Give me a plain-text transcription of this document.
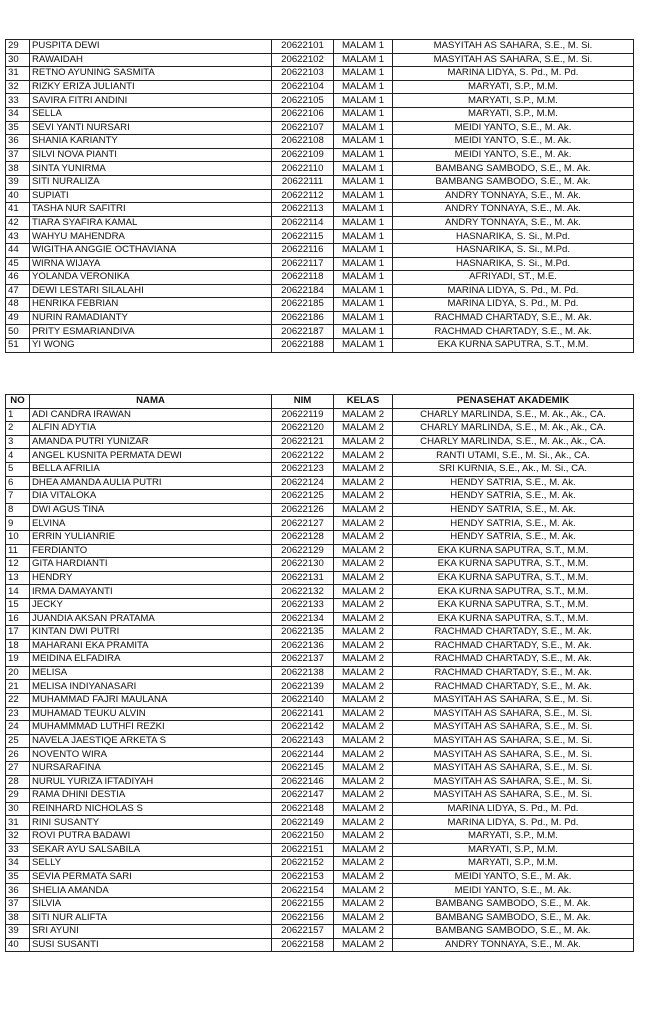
29	PUSPITA DEWI	20622101	MALAM 1	MASYITAH AS SAHARA, S.E., M. Si.
30	RAWAIDAH	20622102	MALAM 1	MASYITAH AS SAHARA, S.E., M. Si.
31	RETNO AYUNING SASMITA	20622103	MALAM 1	MARINA LIDYA, S. Pd., M. Pd.
32	RIZKY ERIZA JULIANTI	20622104	MALAM 1	MARYATI, S.P., M.M.
33	SAVIRA FITRI ANDINI	20622105	MALAM 1	MARYATI, S.P., M.M.
34	SELLA	20622106	MALAM 1	MARYATI, S.P., M.M.
35	SEVI YANTI NURSARI	20622107	MALAM 1	MEIDI YANTO, S.E., M. Ak.
36	SHANIA KARIANTY	20622108	MALAM 1	MEIDI YANTO, S.E., M. Ak.
37	SILVI NOVA PIANTI	20622109	MALAM 1	MEIDI YANTO, S.E., M. Ak.
38	SINTA YUNIRMA	20622110	MALAM 1	BAMBANG SAMBODO, S.E., M. Ak.
39	SITI NURALIZA	20622111	MALAM 1	BAMBANG SAMBODO, S.E., M. Ak.
40	SUPIATI	20622112	MALAM 1	ANDRY TONNAYA, S.E., M. Ak.
41	TASHA NUR SAFITRI	20622113	MALAM 1	ANDRY TONNAYA, S.E., M. Ak.
42	TIARA SYAFIRA KAMAL	20622114	MALAM 1	ANDRY TONNAYA, S.E., M. Ak.
43	WAHYU MAHENDRA	20622115	MALAM 1	HASNARIKA, S. Si., M.Pd.
44	WIGITHA ANGGIE OCTHAVIANA	20622116	MALAM 1	HASNARIKA, S. Si., M.Pd.
45	WIRNA WIJAYA	20622117	MALAM 1	HASNARIKA, S. Si., M.Pd.
46	YOLANDA VERONIKA	20622118	MALAM 1	AFRIYADI, ST., M.E.
47	DEWI LESTARI SILALAHI	20622184	MALAM 1	MARINA LIDYA, S. Pd., M. Pd.
48	HENRIKA FEBRIAN	20622185	MALAM 1	MARINA LIDYA, S. Pd., M. Pd.
49	NURIN RAMADIANTY	20622186	MALAM 1	RACHMAD CHARTADY, S.E., M. Ak.
50	PRITY ESMARIANDIVA	20622187	MALAM 1	RACHMAD CHARTADY, S.E., M. Ak.
51	YI WONG	20622188	MALAM 1	EKA KURNA SAPUTRA, S.T., M.M.
NO	NAMA	NIM	KELAS	PENASEHAT AKADEMIK
1	ADI CANDRA IRAWAN	20622119	MALAM 2	CHARLY MARLINDA, S.E., M. Ak., Ak., CA.
2	ALFIN ADYTIA	20622120	MALAM 2	CHARLY MARLINDA, S.E., M. Ak., Ak., CA.
3	AMANDA PUTRI YUNIZAR	20622121	MALAM 2	CHARLY MARLINDA, S.E., M. Ak., Ak., CA.
4	ANGEL KUSNITA PERMATA DEWI	20622122	MALAM 2	RANTI UTAMI, S.E., M. Si., Ak., CA.
5	BELLA AFRILIA	20622123	MALAM 2	SRI KURNIA, S.E., Ak., M. Si., CA.
6	DHEA AMANDA AULIA PUTRI	20622124	MALAM 2	HENDY SATRIA, S.E., M. Ak.
7	DIA VITALOKA	20622125	MALAM 2	HENDY SATRIA, S.E., M. Ak.
8	DWI AGUS TINA	20622126	MALAM 2	HENDY SATRIA, S.E., M. Ak.
9	ELVINA	20622127	MALAM 2	HENDY SATRIA, S.E., M. Ak.
10	ERRIN YULIANRIE	20622128	MALAM 2	HENDY SATRIA, S.E., M. Ak.
11	FERDIANTO	20622129	MALAM 2	EKA KURNA SAPUTRA, S.T., M.M.
12	GITA HARDIANTI	20622130	MALAM 2	EKA KURNA SAPUTRA, S.T., M.M.
13	HENDRY	20622131	MALAM 2	EKA KURNA SAPUTRA, S.T., M.M.
14	IRMA DAMAYANTI	20622132	MALAM 2	EKA KURNA SAPUTRA, S.T., M.M.
15	JECKY	20622133	MALAM 2	EKA KURNA SAPUTRA, S.T., M.M.
16	JUANDIA AKSAN PRATAMA	20622134	MALAM 2	EKA KURNA SAPUTRA, S.T., M.M.
17	KINTAN DWI PUTRI	20622135	MALAM 2	RACHMAD CHARTADY, S.E., M. Ak.
18	MAHARANI EKA PRAMITA	20622136	MALAM 2	RACHMAD CHARTADY, S.E., M. Ak.
19	MEIDINA ELFADIRA	20622137	MALAM 2	RACHMAD CHARTADY, S.E., M. Ak.
20	MELISA	20622138	MALAM 2	RACHMAD CHARTADY, S.E., M. Ak.
21	MELISA INDIYANASARI	20622139	MALAM 2	RACHMAD CHARTADY, S.E., M. Ak.
22	MUHAMMAD FAJRI MAULANA	20622140	MALAM 2	MASYITAH AS SAHARA, S.E., M. Si.
23	MUHAMAD TEUKU ALVIN	20622141	MALAM 2	MASYITAH AS SAHARA, S.E., M. Si.
24	MUHAMMMAD LUTHFI REZKI	20622142	MALAM 2	MASYITAH AS SAHARA, S.E., M. Si.
25	NAVELA JAESTIQE ARKETA S	20622143	MALAM 2	MASYITAH AS SAHARA, S.E., M. Si.
26	NOVENTO WIRA	20622144	MALAM 2	MASYITAH AS SAHARA, S.E., M. Si.
27	NURSARAFINA	20622145	MALAM 2	MASYITAH AS SAHARA, S.E., M. Si.
28	NURUL YURIZA IFTADIYAH	20622146	MALAM 2	MASYITAH AS SAHARA, S.E., M. Si.
29	RAMA DHINI DESTIA	20622147	MALAM 2	MASYITAH AS SAHARA, S.E., M. Si.
30	REINHARD NICHOLAS S	20622148	MALAM 2	MARINA LIDYA, S. Pd., M. Pd.
31	RINI SUSANTY	20622149	MALAM 2	MARINA LIDYA, S. Pd., M. Pd.
32	ROVI PUTRA BADAWI	20622150	MALAM 2	MARYATI, S.P., M.M.
33	SEKAR AYU SALSABILA	20622151	MALAM 2	MARYATI, S.P., M.M.
34	SELLY	20622152	MALAM 2	MARYATI, S.P., M.M.
35	SEVIA PERMATA SARI	20622153	MALAM 2	MEIDI YANTO, S.E., M. Ak.
36	SHELIA AMANDA	20622154	MALAM 2	MEIDI YANTO, S.E., M. Ak.
37	SILVIA	20622155	MALAM 2	BAMBANG SAMBODO, S.E., M. Ak.
38	SITI NUR ALIFTA	20622156	MALAM 2	BAMBANG SAMBODO, S.E., M. Ak.
39	SRI AYUNI	20622157	MALAM 2	BAMBANG SAMBODO, S.E., M. Ak.
40	SUSI SUSANTI	20622158	MALAM 2	ANDRY TONNAYA, S.E., M. Ak.
